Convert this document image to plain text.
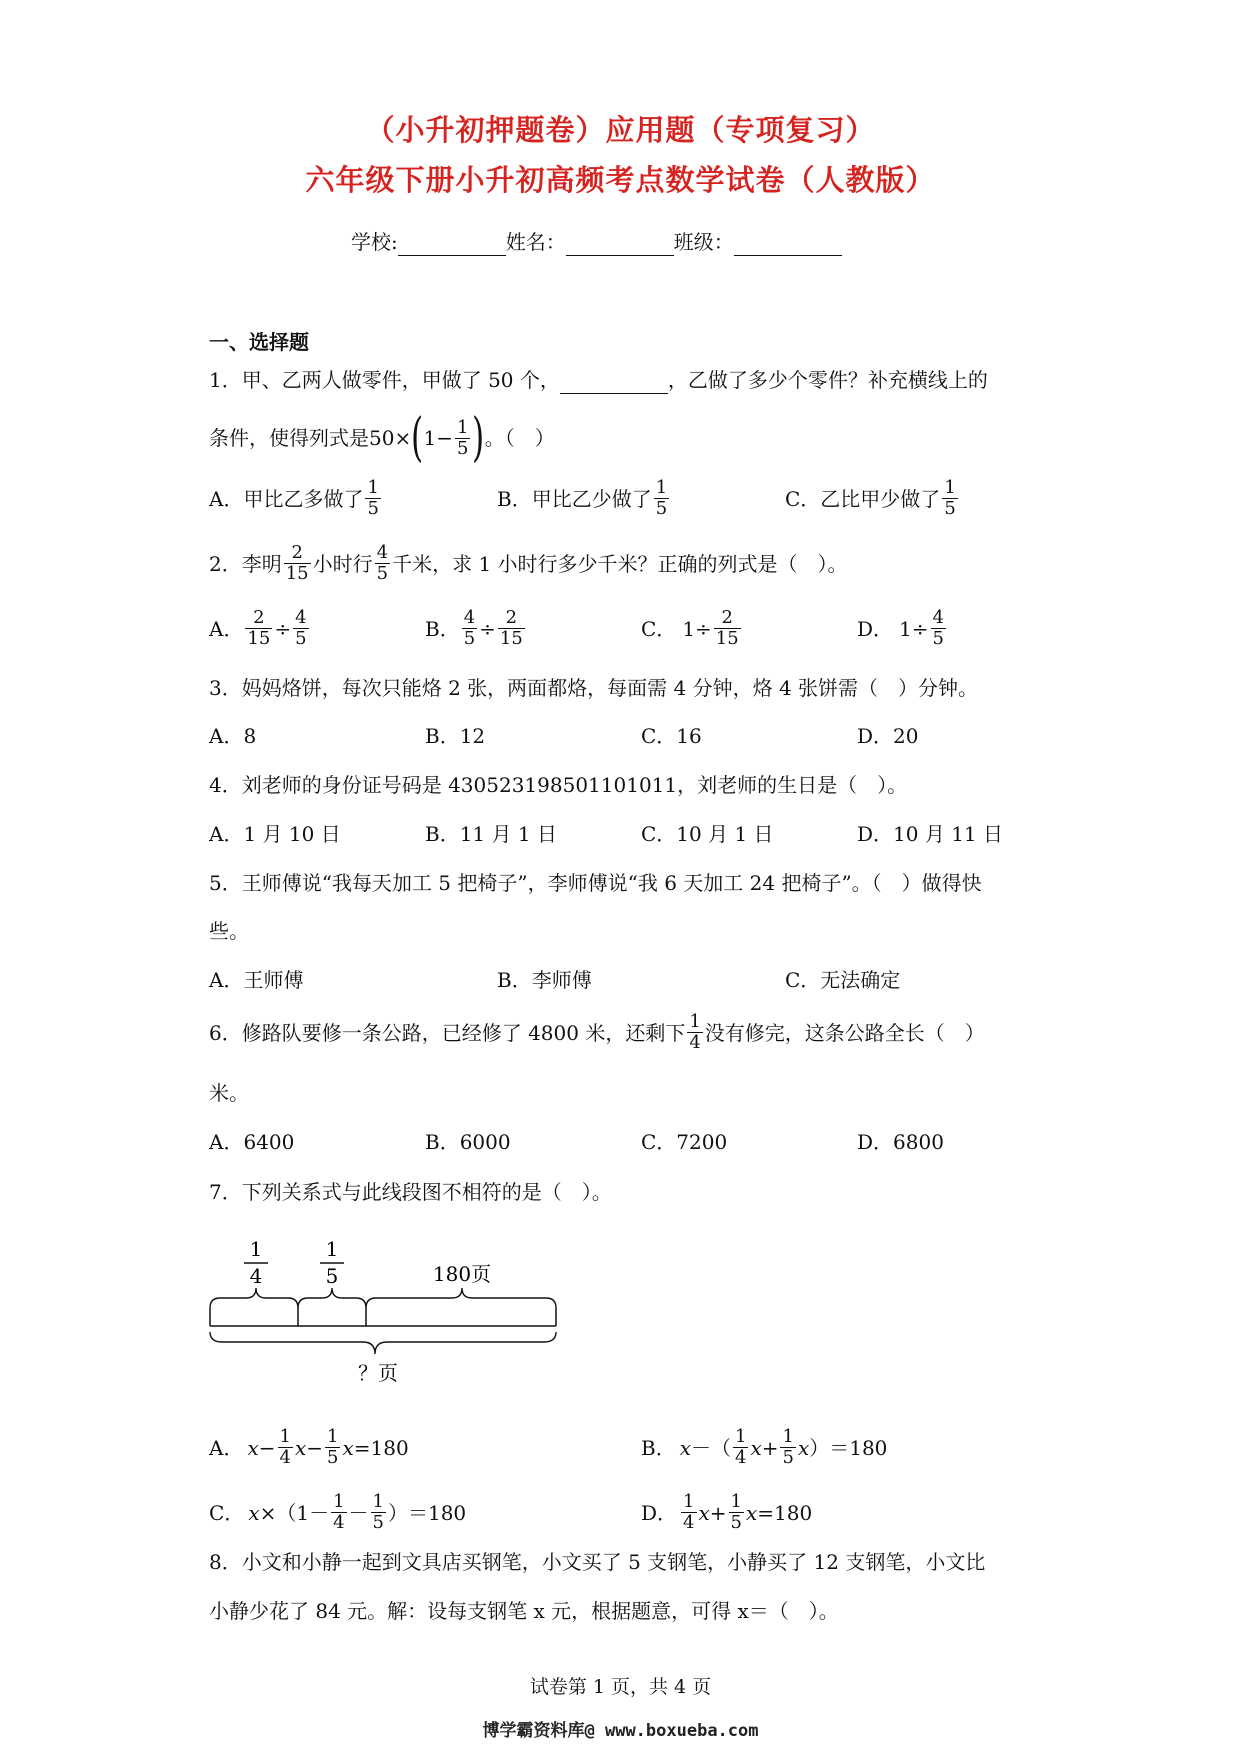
（小升初押题卷）应用题（专项复习）
六年级下册小升初高频考点数学试卷（人教版）
学校:	姓名：	班级：
一、选择题
1．甲、乙两人做零件，甲做了 50 个，	，乙做了多少个零件？补充横线上的
条件，使得列式是 50× ( $1- \frac{1}{5}$ ) 。（　）
A．甲比乙多做了 $\frac{1}{5}$	B．甲比乙少做了 $\frac{1}{5}$	C．乙比甲少做了 $\frac{1}{5}$
2．李明 $\frac{2}{15}$ 小时行 $\frac{4}{5}$ 千米，求 1 小时行多少千米？正确的列式是（　）。
A． $\frac{2}{15} \div \frac{4}{5}$	B． $\frac{4}{5} \div \frac{2}{15}$	C． $1\div \frac{2}{15}$	D． $1\div \frac{4}{5}$
3．妈妈烙饼，每次只能烙 2 张，两面都烙，每面需 4 分钟，烙 4 张饼需（　）分钟。
A．8	B．12	C．16	D．20
4．刘老师的身份证号码是 430523198501101011，刘老师的生日是（　）。
A．1 月 10 日	B．11 月 1 日	C．10 月 1 日	D．10 月 11 日
5．王师傅说“我每天加工 5 把椅子”，李师傅说“我 6 天加工 24 把椅子”。（　）做得快
些。
A．王师傅	B．李师傅	C．无法确定
6．修路队要修一条公路，已经修了 4800 米，还剩下 $\frac{1}{4}$ 没有修完，这条公路全长（　）
米。
A．6400	B．6000	C．7200	D．6800
7．下列关系式与此线段图不相符的是（　）。
1
4
1
5	180页
？页
A． $x - \frac{1}{4}$ $x - \frac{1}{5}$ x =180	B． x －（ $\frac{1}{4}$ $x + \frac{1}{5}$ x ）＝180
C． $x \times(1- \frac{1}{4} - \frac{1}{5} )=180$	D． $\frac{1}{4}$ $x + \frac{1}{5}$ x =180
8．小文和小静一起到文具店买钢笔，小文买了 5 支钢笔，小静买了 12 支钢笔，小文比
小静少花了 84 元。解：设每支钢笔 x 元，根据题意，可得 x＝（　）。
试卷第 1 页，共 4 页
博学霸资料库@ www.boxueba.com
